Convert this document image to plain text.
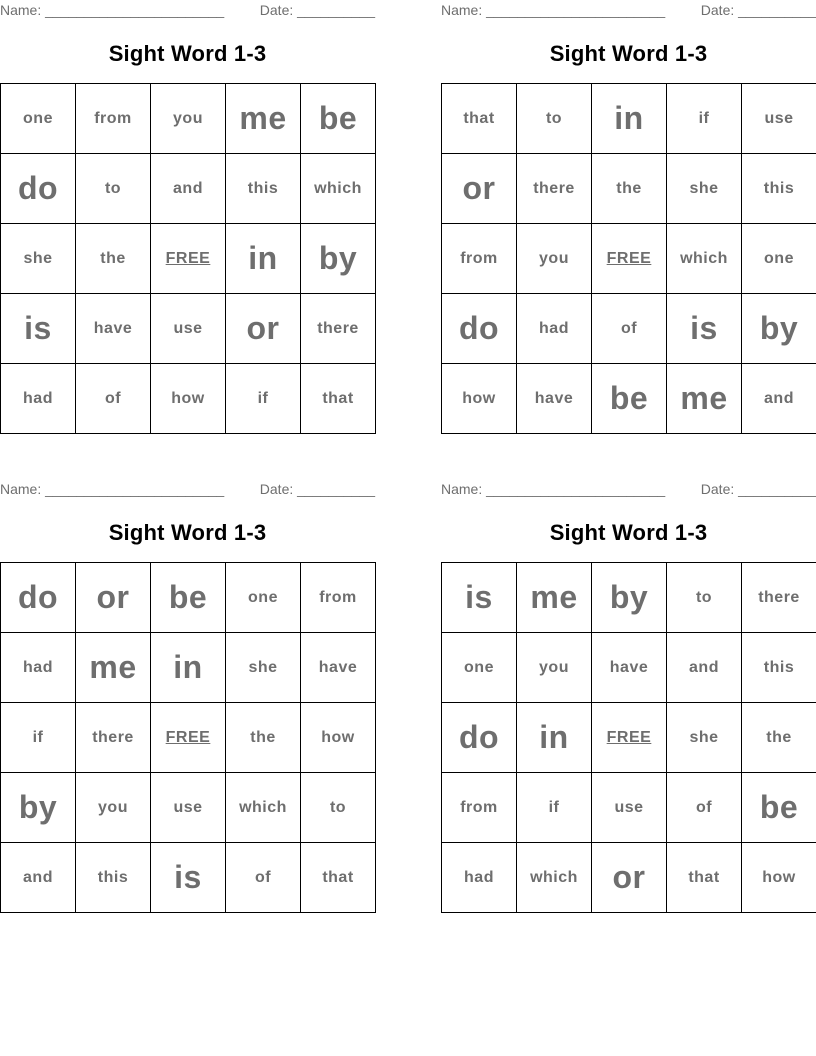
Name: _______________________	Date: __________
Sight Word 1-3
one	from	you	me	be
do	to	and	this	which
she	the	FREE	in	by
is	have	use	or	there
had	of	how	if	that
Name: _______________________	Date: __________
Sight Word 1-3
that	to	in	if	use
or	there	the	she	this
from	you	FREE	which	one
do	had	of	is	by
how	have	be	me	and
Name: _______________________	Date: __________
Sight Word 1-3
do	or	be	one	from
had	me	in	she	have
if	there	FREE	the	how
by	you	use	which	to
and	this	is	of	that
Name: _______________________	Date: __________
Sight Word 1-3
is	me	by	to	there
one	you	have	and	this
do	in	FREE	she	the
from	if	use	of	be
had	which	or	that	how
